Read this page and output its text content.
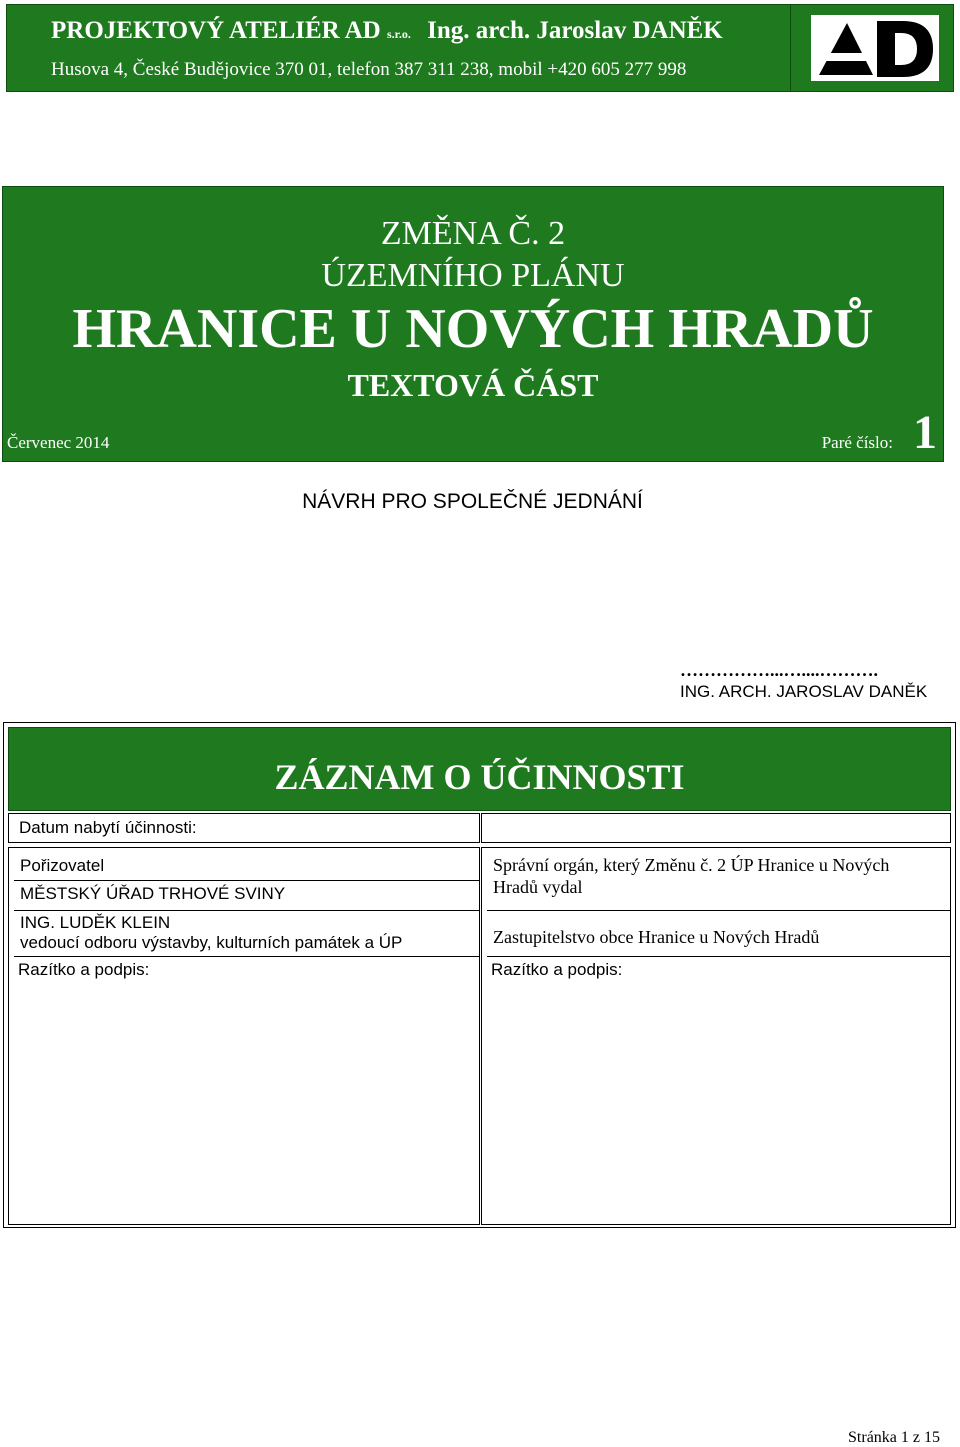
PROJEKTOVÝ ATELIÉR AD s.r.o. Ing. arch. Jaroslav DANĚK
Husova 4, České Budějovice 370 01, telefon 387 311 238, mobil +420 605 277 998
ZMĚNA Č. 2
ÚZEMNÍHO PLÁNU
HRANICE U NOVÝCH HRADŮ
TEXTOVÁ ČÁST
Červenec 2014	Paré číslo: 1
NÁVRH PRO SPOLEČNÉ JEDNÁNÍ
……………...…....……….
ING. ARCH. JAROSLAV DANĚK
ZÁZNAM O ÚČINNOSTI
Datum nabytí účinnosti:
Pořizovatel
MĚSTSKÝ ÚŘAD TRHOVÉ SVINY
ING. LUDĚK KLEIN
vedoucí odboru výstavby, kulturních památek a ÚP
Razítko a podpis:	Razítko a podpis:
Správní orgán, který Změnu č. 2 ÚP Hranice u Nových
Hradů vydal
Zastupitelstvo obce Hranice u Nových Hradů
Stránka 1 z 15
